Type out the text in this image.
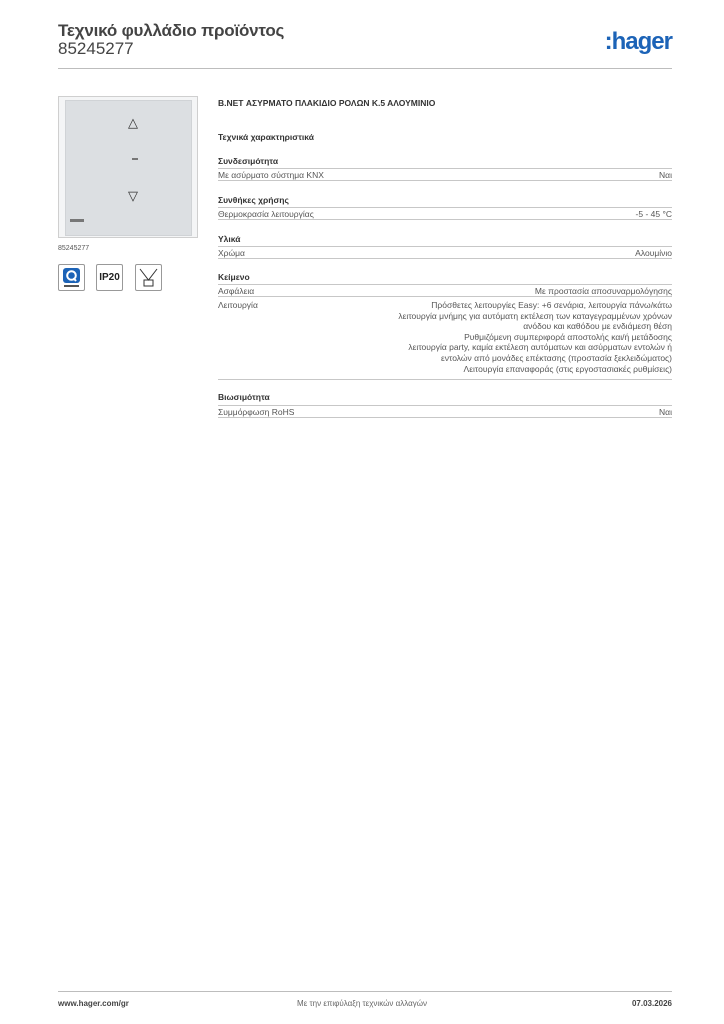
Τεχνικό φυλλάδιο προϊόντος
85245277	:hager
△
▽
85245277
IP20
B.NET ΑΣΥΡΜΑΤΟ ΠΛΑΚΙΔΙΟ ΡΟΛΩΝ Κ.5 ΑΛΟΥΜΙΝΙΟ
Τεχνικά χαρακτηριστικά
Συνδεσιμότητα
Με ασύρματο σύστημα KNX	Ναι
Συνθήκες χρήσης
Θερμοκρασία λειτουργίας	-5 - 45 °C
Υλικά
Χρώμα	Αλουμίνιο
Κείμενο
Ασφάλεια	Με προστασία αποσυναρμολόγησης
Λειτουργία	Πρόσθετες λειτουργίες Easy: +6 σενάρια, λειτουργία πάνω/κάτω
λειτουργία μνήμης για αυτόματη εκτέλεση των καταγεγραμμένων χρόνων
ανόδου και καθόδου με ενδιάμεση θέση
Ρυθμιζόμενη συμπεριφορά αποστολής και/ή μετάδοσης
λειτουργία party, καμία εκτέλεση αυτόματων και ασύρματων εντολών ή
εντολών από μονάδες επέκτασης (προστασία ξεκλειδώματος)
Λειτουργία επαναφοράς (στις εργοστασιακές ρυθμίσεις)
Βιωσιμότητα
Συμμόρφωση RoHS	Ναι
www.hager.com/gr	Με την επιφύλαξη τεχνικών αλλαγών	07.03.2026
